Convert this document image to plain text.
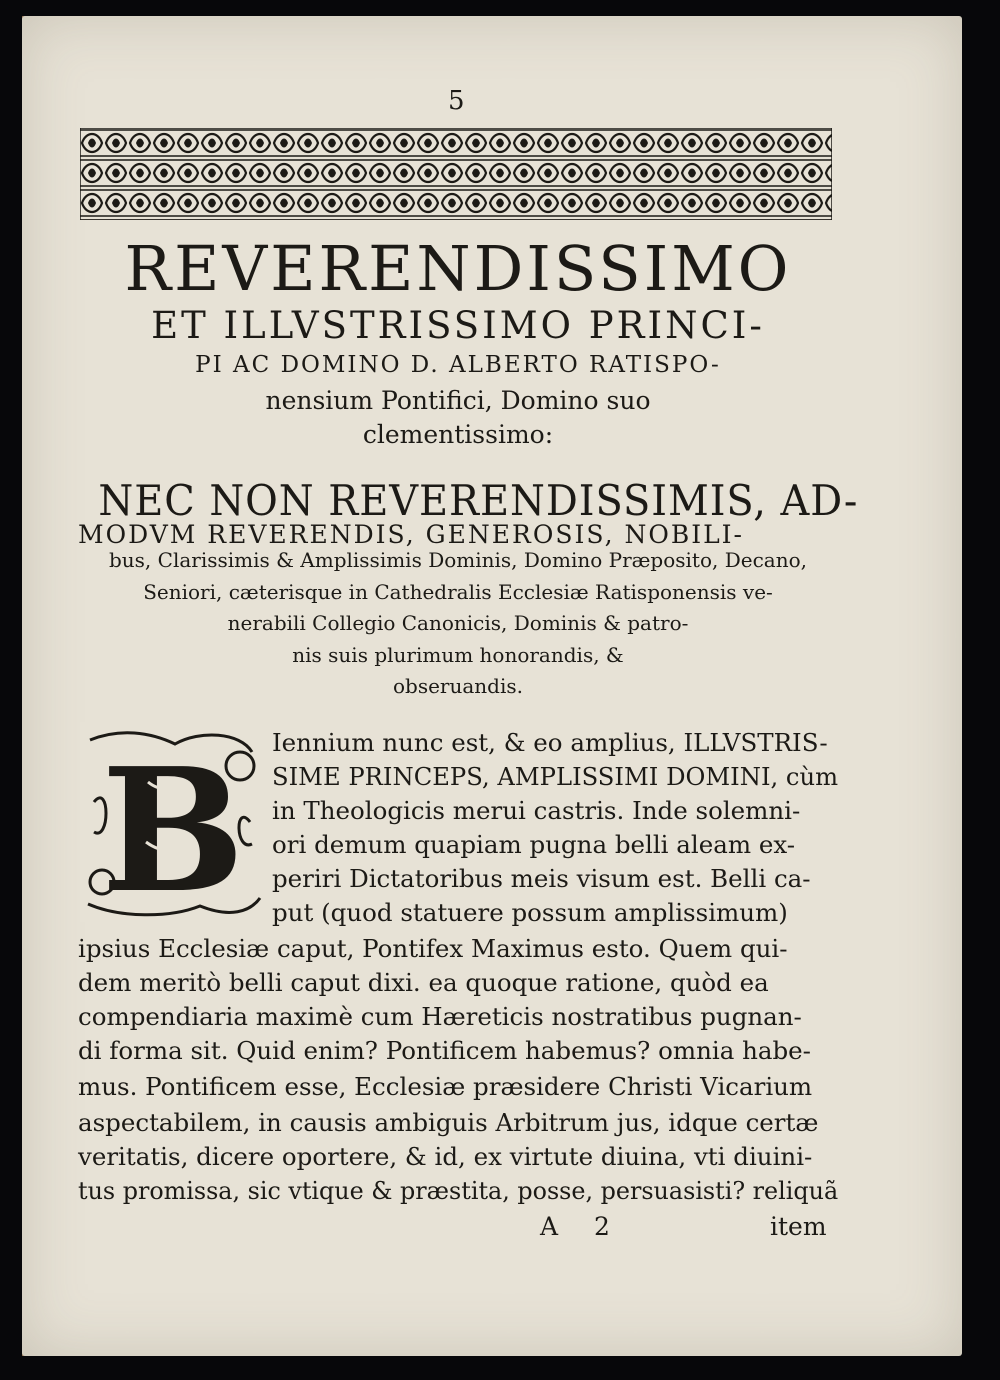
5
REVERENDISSIMO
ET ILLVSTRISSIMO PRINCI-
PI AC DOMINO D. ALBERTO RATISPO-
nensium Pontifici, Domino suo
clementissimo:
NEC NON REVERENDISSIMIS, AD-
MODVM REVERENDIS, GENEROSIS, NOBILI-
bus, Clarissimis & Amplissimis Dominis, Domino Præposito, Decano,
Seniori, cæterisque in Cathedralis Ecclesiæ Ratisponensis ve-
nerabili Collegio Canonicis, Dominis & patro-
nis suis plurimum honorandis, &
obseruandis.
B Iennium nunc est, & eo amplius, ILLVSTRIS-
SIME PRINCEPS, AMPLISSIMI DOMINI, cùm
in Theologicis merui castris. Inde solemni-
ori demum quapiam pugna belli aleam ex-
periri Dictatoribus meis visum est. Belli ca-
put (quod statuere possum amplissimum)
ipsius Ecclesiæ caput, Pontifex Maximus esto. Quem qui-
dem meritò belli caput dixi. ea quoque ratione, quòd ea
compendiaria maximè cum Hæreticis nostratibus pugnan-
di forma sit. Quid enim? Pontificem habemus? omnia habe-
mus. Pontificem esse, Ecclesiæ præsidere Christi Vicarium
aspectabilem, in causis ambiguis Arbitrum jus, idque certæ
veritatis, dicere oportere, & id, ex virtute diuina, vti diuini-
tus promissa, sic vtique & præstita, posse, persuasisti? reliquã
A 2	item
